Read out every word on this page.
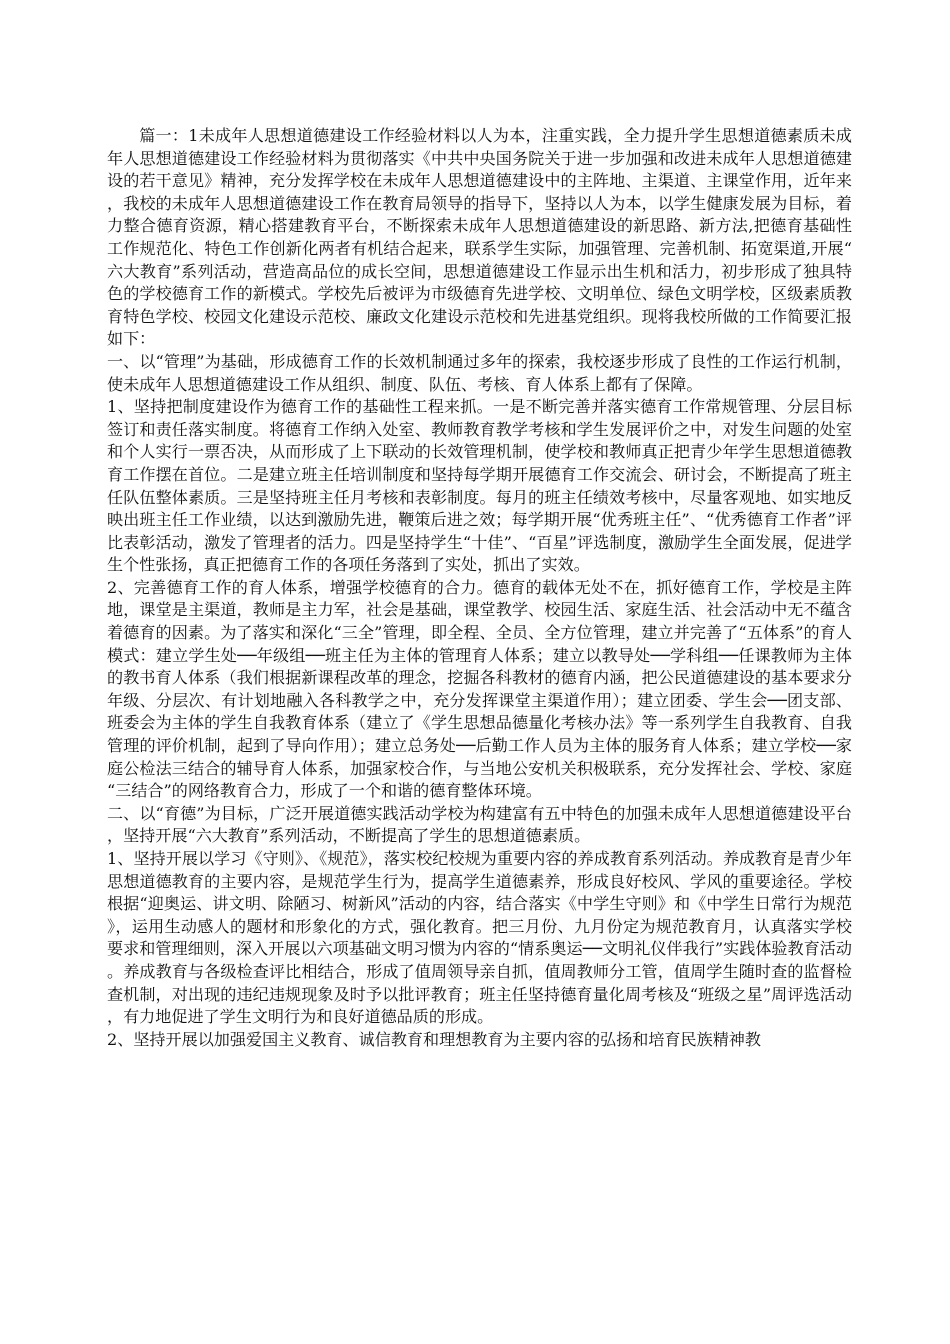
篇一：1未成年人思想道德建设工作经验材料以人为本，注重实践，全力提升学生思想道德素质未成年人思想道德建设工作经验材料为贯彻落实《中共中央国务院关于进一步加强和改进未成年人思想道德建设的若干意见》精神，充分发挥学校在未成年人思想道德建设中的主阵地、主渠道、主课堂作用，近年来，我校的未成年人思想道德建设工作在教育局领导的指导下，坚持以人为本，以学生健康发展为目标，着力整合德育资源，精心搭建教育平台，不断探索未成年人思想道德建设的新思路、新方法,把德育基础性工作规范化、特色工作创新化两者有机结合起来，联系学生实际，加强管理、完善机制、拓宽渠道,开展“六大教育”系列活动，营造高品位的成长空间，思想道德建设工作显示出生机和活力，初步形成了独具特色的学校德育工作的新模式。学校先后被评为市级德育先进学校、文明单位、绿色文明学校，区级素质教育特色学校、校园文化建设示范校、廉政文化建设示范校和先进基党组织。现将我校所做的工作简要汇报如下：

一、以“管理”为基础，形成德育工作的长效机制通过多年的探索，我校逐步形成了良性的工作运行机制，使未成年人思想道德建设工作从组织、制度、队伍、考核、育人体系上都有了保障。

1、坚持把制度建设作为德育工作的基础性工程来抓。一是不断完善并落实德育工作常规管理、分层目标签订和责任落实制度。将德育工作纳入处室、教师教育教学考核和学生发展评价之中，对发生问题的处室和个人实行一票否决，从而形成了上下联动的长效管理机制，使学校和教师真正把青少年学生思想道德教育工作摆在首位。二是建立班主任培训制度和坚持每学期开展德育工作交流会、研讨会，不断提高了班主任队伍整体素质。三是坚持班主任月考核和表彰制度。每月的班主任绩效考核中，尽量客观地、如实地反映出班主任工作业绩，以达到激励先进，鞭策后进之效；每学期开展“优秀班主任”、“优秀德育工作者”评比表彰活动，激发了管理者的活力。四是坚持学生“十佳”、“百星”评选制度，激励学生全面发展，促进学生个性张扬，真正把德育工作的各项任务落到了实处，抓出了实效。

2、完善德育工作的育人体系，增强学校德育的合力。德育的载体无处不在，抓好德育工作，学校是主阵地，课堂是主渠道，教师是主力军，社会是基础，课堂教学、校园生活、家庭生活、社会活动中无不蕴含着德育的因素。为了落实和深化“三全”管理，即全程、全员、全方位管理，建立并完善了“五体系”的育人模式：建立学生处──年级组──班主任为主体的管理育人体系；建立以教导处──学科组──任课教师为主体的教书育人体系（我们根据新课程改革的理念，挖掘各科教材的德育内涵，把公民道德建设的基本要求分年级、分层次、有计划地融入各科教学之中，充分发挥课堂主渠道作用）；建立团委、学生会──团支部、班委会为主体的学生自我教育体系（建立了《学生思想品德量化考核办法》等一系列学生自我教育、自我管理的评价机制，起到了导向作用）；建立总务处──后勤工作人员为主体的服务育人体系；建立学校──家庭公检法三结合的辅导育人体系，加强家校合作，与当地公安机关积极联系，充分发挥社会、学校、家庭“三结合”的网络教育合力，形成了一个和谐的德育整体环境。

二、以“育德”为目标，广泛开展道德实践活动学校为构建富有五中特色的加强未成年人思想道德建设平台，坚持开展“六大教育”系列活动，不断提高了学生的思想道德素质。

1、坚持开展以学习《守则》、《规范》，落实校纪校规为重要内容的养成教育系列活动。养成教育是青少年思想道德教育的主要内容，是规范学生行为，提高学生道德素养，形成良好校风、学风的重要途径。学校根据“迎奥运、讲文明、除陋习、树新风”活动的内容，结合落实《中学生守则》和《中学生日常行为规范》，运用生动感人的题材和形象化的方式，强化教育。把三月份、九月份定为规范教育月，认真落实学校要求和管理细则，深入开展以六项基础文明习惯为内容的“情系奥运──文明礼仪伴我行”实践体验教育活动。养成教育与各级检查评比相结合，形成了值周领导亲自抓，值周教师分工管，值周学生随时查的监督检查机制，对出现的违纪违规现象及时予以批评教育；班主任坚持德育量化周考核及“班级之星”周评选活动，有力地促进了学生文明行为和良好道德品质的形成。

2、坚持开展以加强爱国主义教育、诚信教育和理想教育为主要内容的弘扬和培育民族精神教
